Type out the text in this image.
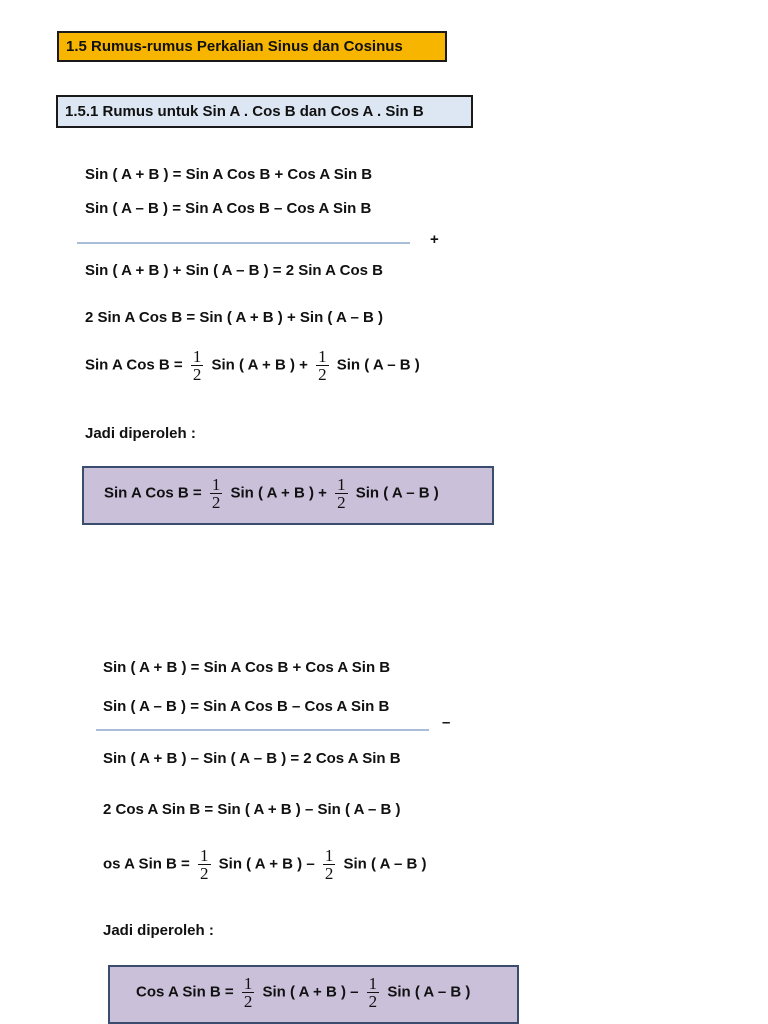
1.5 Rumus-rumus Perkalian Sinus dan Cosinus
1.5.1 Rumus untuk Sin A . Cos B dan Cos A . Sin B
Sin ( A + B ) = Sin A Cos B + Cos A Sin B
Sin ( A – B ) = Sin A Cos B – Cos A Sin B
+
Sin ( A + B ) + Sin ( A – B ) = 2 Sin A Cos B
2 Sin A Cos B = Sin ( A + B ) + Sin ( A – B )
Sin A Cos $B = \frac{1}{2}$ Sin ( A + B ) + $\frac{1}{2}$ Sin ( A – B )
Jadi diperoleh :
Sin A Cos $B = \frac{1}{2}$ Sin ( A + B ) + $\frac{1}{2}$ Sin ( A – B )
Sin ( A + B ) = Sin A Cos B + Cos A Sin B
Sin ( A – B ) = Sin A Cos B – Cos A Sin B
–
Sin ( A + B ) – Sin ( A – B ) = 2 Cos A Sin B
2 Cos A Sin B = Sin ( A + B ) – Sin ( A – B )
os A Sin $B = \frac{1}{2}$ Sin ( A + B ) – $\frac{1}{2}$ Sin ( A – B )
Jadi diperoleh :
Cos A Sin $B = \frac{1}{2}$ Sin ( A + B ) – $\frac{1}{2}$ Sin ( A – B )
